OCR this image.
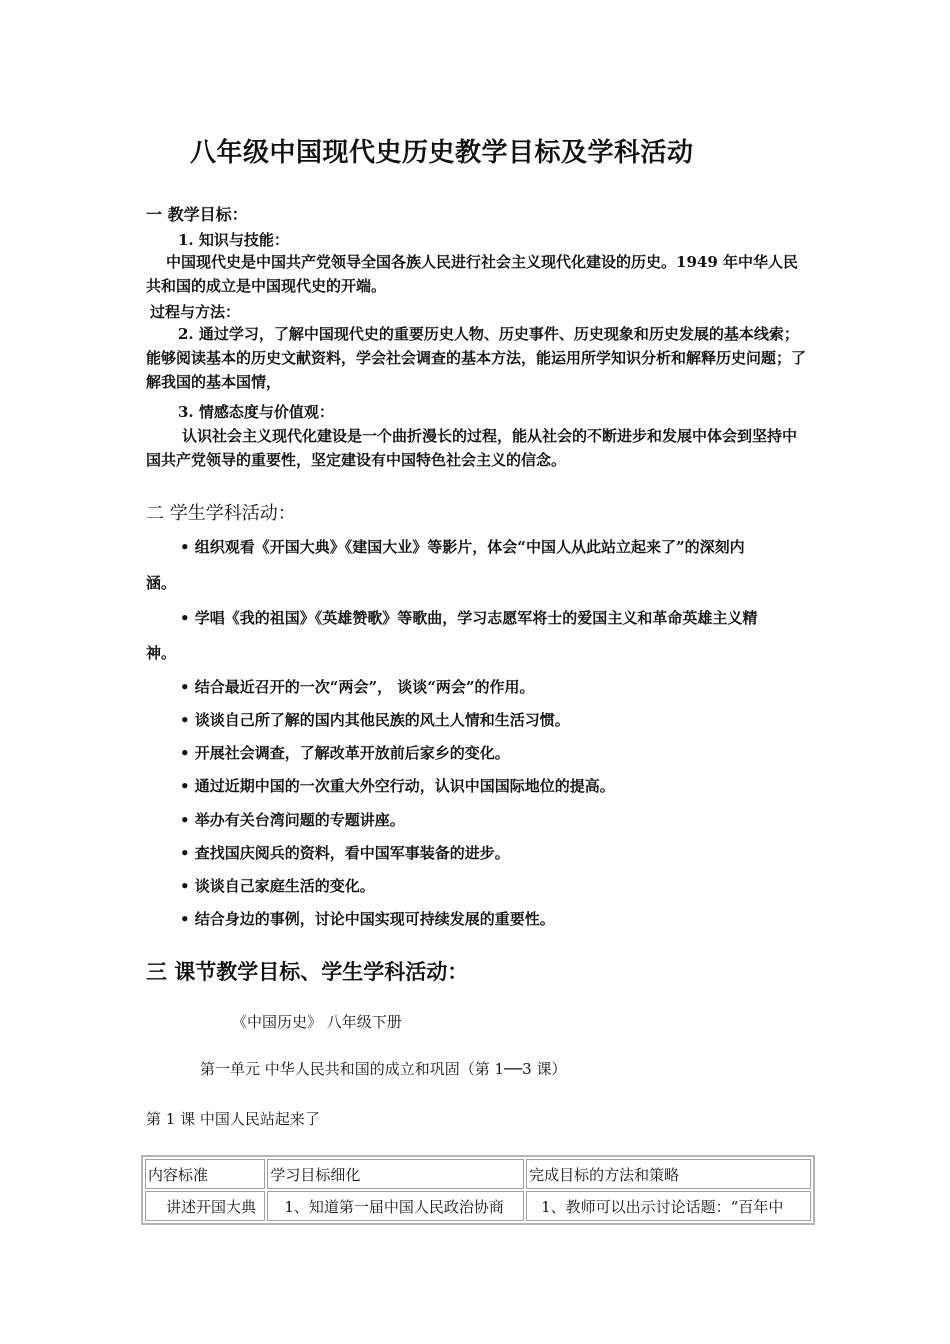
八年级中国现代史历史教学目标及学科活动
一 教学目标：
1. 知识与技能：
中国现代史是中国共产党领导全国各族人民进行社会主义现代化建设的历史。1949 年中华人民共和国的成立是中国现代史的开端。
过程与方法：
2. 通过学习，了解中国现代史的重要历史人物、历史事件、历史现象和历史发展的基本线索；能够阅读基本的历史文献资料，学会社会调查的基本方法，能运用所学知识分析和解释历史问题；了解我国的基本国情，
3. 情感态度与价值观：
认识社会主义现代化建设是一个曲折漫长的过程，能从社会的不断进步和发展中体会到坚持中国共产党领导的重要性，坚定建设有中国特色社会主义的信念。
二 学生学科活动：
• 组织观看《开国大典》《建国大业》等影片，体会“中国人从此站立起来了”的深刻内
涵。
• 学唱《我的祖国》《英雄赞歌》等歌曲，学习志愿军将士的爱国主义和革命英雄主义精
神。
• 结合最近召开的一次“两会”， 谈谈“两会”的作用。
• 谈谈自己所了解的国内其他民族的风土人情和生活习惯。
• 开展社会调查，了解改革开放前后家乡的变化。
• 通过近期中国的一次重大外空行动，认识中国国际地位的提高。
• 举办有关台湾问题的专题讲座。
• 查找国庆阅兵的资料，看中国军事装备的进步。
• 谈谈自己家庭生活的变化。
• 结合身边的事例，讨论中国实现可持续发展的重要性。
三 课节教学目标、学生学科活动：
《中国历史》 八年级下册
第一单元 中华人民共和国的成立和巩固（第 1──3 课）
第 1 课 中国人民站起来了
内容标准	学习目标细化	完成目标的方法和策略
讲述开国大典	1、知道第一届中国人民政治协商	1、教师可以出示讨论话题：“百年中
